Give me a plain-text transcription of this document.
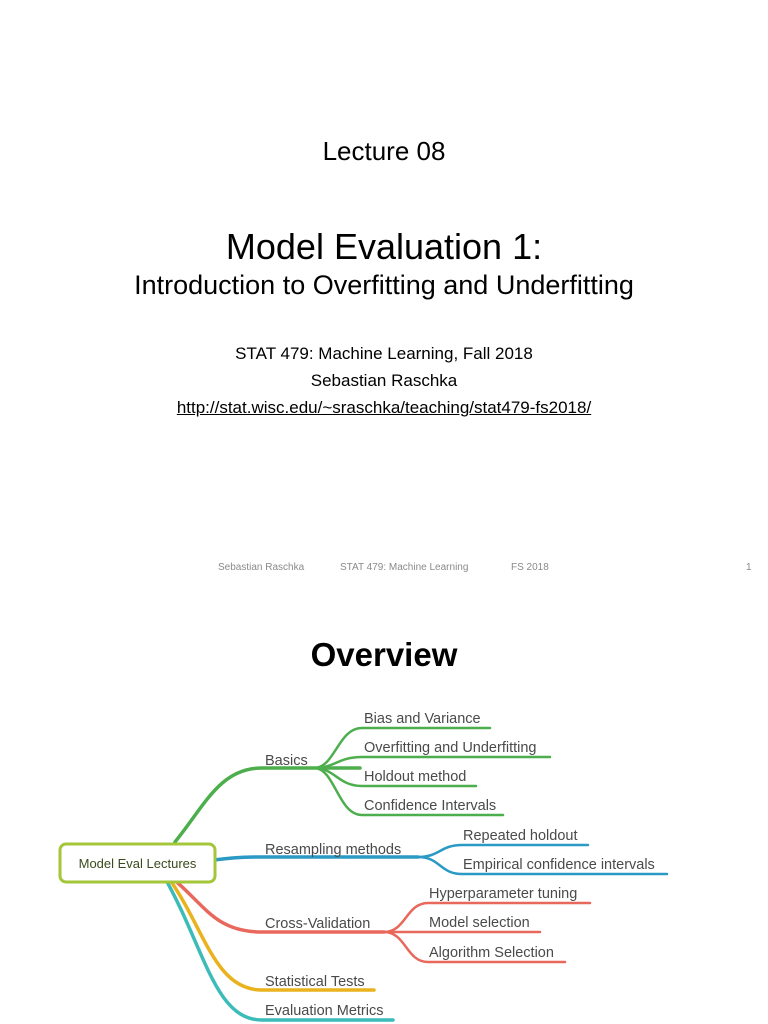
Lecture 08
Model Evaluation 1:
Introduction to Overfitting and Underfitting
STAT 479: Machine Learning, Fall 2018
Sebastian Raschka
http://stat.wisc.edu/~sraschka/teaching/stat479-fs2018/
Sebastian Raschka	STAT 479: Machine Learning	FS 2018	1
Overview
Model Eval Lectures
Basics
Resampling methods
Cross-Validation
Statistical Tests
Evaluation Metrics
Bias and Variance
Overfitting and Underfitting
Holdout method
Confidence Intervals
Repeated holdout
Empirical confidence intervals
Hyperparameter tuning
Model selection
Algorithm Selection
